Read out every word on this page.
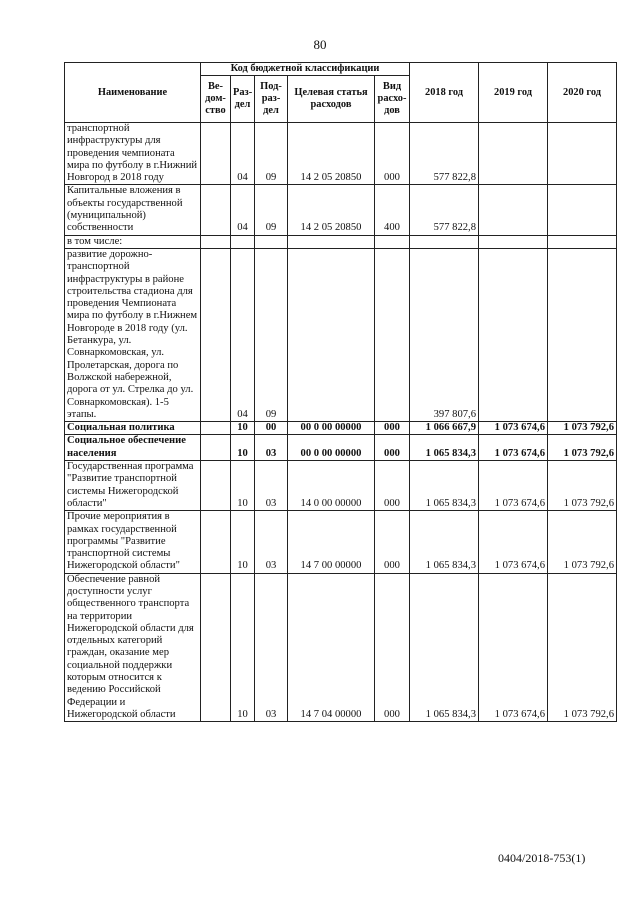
80
Наименование	Код бюджетной классификации					2018 год	2019 год	2020 год
	Ве-дом-ство	Раз-дел	Под-раз-дел	Целевая статья расходов	Вид расхо-дов			
транспортной инфраструктуры для проведения чемпионата мира по футболу в г.Нижний Новгород в 2018 году		04	09	14 2 05 20850	000	577 822,8		
Капитальные вложения в объекты государственной (муниципальной) собственности		04	09	14 2 05 20850	400	577 822,8		
в том числе:								
развитие дорожно-транспортной инфраструктуры в районе строительства стадиона для проведения Чемпионата мира по футболу в г.Нижнем Новгороде в 2018 году (ул. Бетанкура, ул. Совнаркомовская, ул. Пролетарская, дорога по Волжской набережной, дорога от ул. Стрелка до ул. Совнаркомовская). 1-5 этапы.		04	09			397 807,6		
Социальная политика		10	00	00 0 00 00000	000	1 066 667,9	1 073 674,6	1 073 792,6
Социальное обеспечение населения		10	03	00 0 00 00000	000	1 065 834,3	1 073 674,6	1 073 792,6
Государственная программа "Развитие транспортной системы Нижегородской области"		10	03	14 0 00 00000	000	1 065 834,3	1 073 674,6	1 073 792,6
Прочие мероприятия в рамках государственной программы "Развитие транспортной системы Нижегородской области"		10	03	14 7 00 00000	000	1 065 834,3	1 073 674,6	1 073 792,6
Обеспечение равной доступности услуг общественного транспорта на территории Нижегородской области для отдельных категорий граждан, оказание мер социальной поддержки которым относится к ведению Российской Федерации и Нижегородской области		10	03	14 7 04 00000	000	1 065 834,3	1 073 674,6	1 073 792,6
0404/2018-753(1)
